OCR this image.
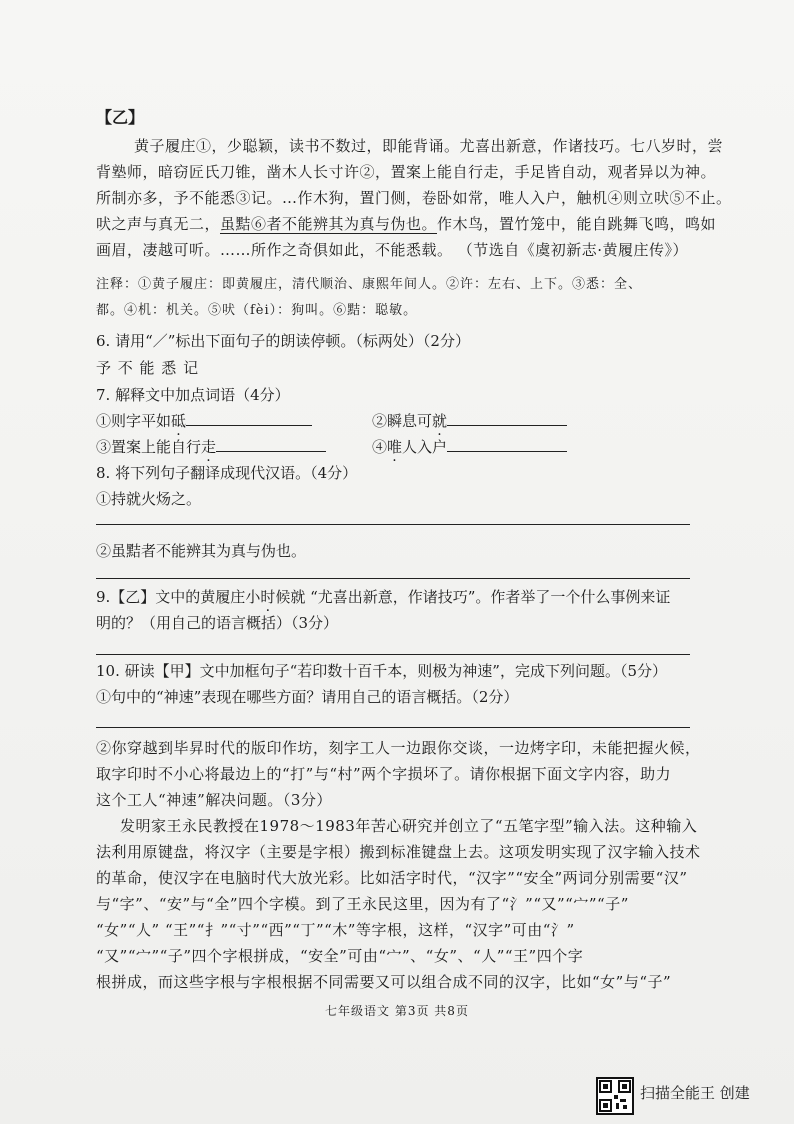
【乙】
黄子履庄①，少聪颖，读书不数过，即能背诵。尤喜出新意，作诸技巧。七八岁时，尝
背塾师，暗窃匠氏刀锥，凿木人长寸许②，置案上能自行走，手足皆自动，观者异以为神。
所制亦多，予不能悉③记。…作木狗，置门侧，卷卧如常，唯人入户，触机④则立吠⑤不止。
吠之声与真无二，虽黠⑥者不能辨其为真与伪也。作木鸟，置竹笼中，能自跳舞飞鸣，鸣如
画眉，凄越可听。……所作之奇俱如此，不能悉载。 （节选自《虞初新志·黄履庄传》）
注释：①黄子履庄：即黄履庄，清代顺治、康熙年间人。②许：左右、上下。③悉：全、
都。④机：机关。⑤吠（fèi）：狗叫。⑥黠：聪敏。
6. 请用“／”标出下面句子的朗读停顿。（标两处）（2分）
予 不 能 悉 记
7. 解释文中加点词语（4分）
①则字平如砥	②瞬息可就
③置案上能自行走	④唯人入户
8. 将下列句子翻译成现代汉语。（4分）
①持就火炀之。
②虽黠者不能辨其为真与伪也。
9.【乙】文中的黄履庄小时候就 “尤喜出新意，作诸技巧”。作者举了一个什么事例来证
明的？（用自己的语言概括）（3分）
10. 研读【甲】文中加框句子“若印数十百千本，则极为神速”，完成下列问题。（5分）
①句中的“神速”表现在哪些方面？请用自己的语言概括。（2分）
②你穿越到毕昇时代的版印作坊，刻字工人一边跟你交谈，一边烤字印，未能把握火候，
取字印时不小心将最边上的“打”与“村”两个字损坏了。请你根据下面文字内容，助力
这个工人“神速”解决问题。（3分）
发明家王永民教授在1978～1983年苦心研究并创立了“五笔字型”输入法。这种输入
法利用原键盘，将汉字（主要是字根）搬到标准键盘上去。这项发明实现了汉字输入技术
的革命，使汉字在电脑时代大放光彩。比如活字时代，“汉字”“安全”两词分别需要“汉”
与“字”、“安”与“全”四个字模。到了王永民这里，因为有了“氵”“又”“宀”“子”
“女”“人” “王”“扌”“寸”“西”“丁”“木”等字根，这样，“汉字”可由“氵”
“又”“宀”“子”四个字根拼成，“安全”可由“宀”、“女”、“人”“王”四个字
根拼成，而这些字根与字根根据不同需要又可以组合成不同的汉字，比如“女”与“子”
七年级语文 第3页 共8页
扫描全能王 创建
